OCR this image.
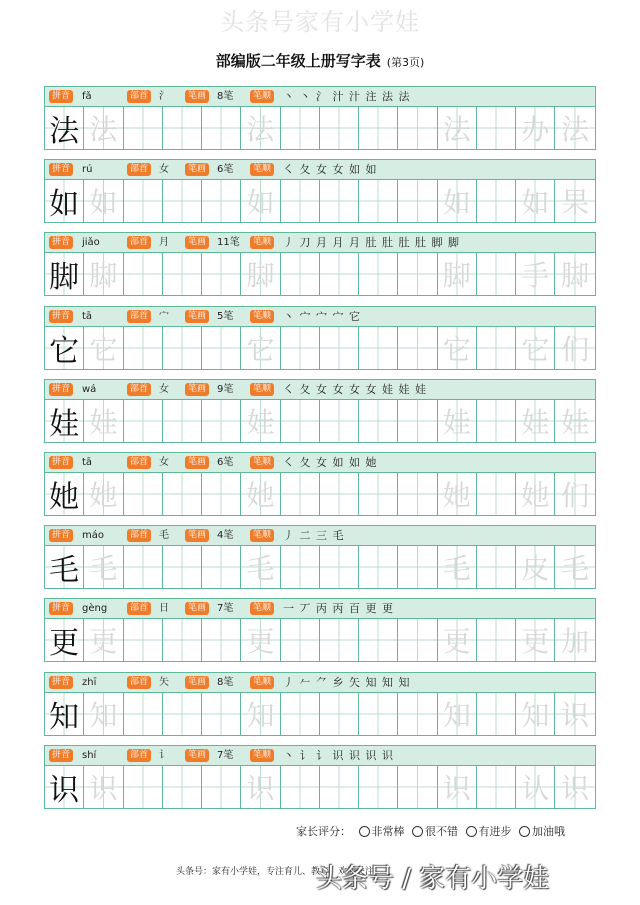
头条号家有小学娃
部编版二年级上册写字表 (第3页)
拼音	fǎ	部首	氵	笔画	8笔	笔顺 丶 丶 氵 汁 汁 注 法 法
法 法	法	法 办 法
拼音	rú	部首	女	笔画	6笔	笔顺 ㇛ 夂 女 女 如 如
如 如	如	如 如 果
拼音	jiǎo	部首	月	笔画	11笔	笔顺 丿 刀 月 月 月 肚 肚 肚 肚 脚 脚
脚 脚	脚	脚 手 脚
拼音	tā	部首	宀	笔画	5笔	笔顺 丶 宀 宀 宀 它
它 它	它	它 它 们
拼音	wá	部首	女	笔画	9笔	笔顺 ㇛ 夂 女 女 女 女 娃 娃 娃
娃 娃	娃	娃 娃 娃
拼音	tā	部首	女	笔画	6笔	笔顺 ㇛ 夂 女 如 如 她
她 她	她	她 她 们
拼音	máo	部首	毛	笔画	4笔	笔顺 丿 二 三 毛
毛 毛	毛	毛 皮 毛
拼音	gèng	部首	日	笔画	7笔	笔顺 一 丆 丙 丙 百 更 更
更 更	更	更 更 加
拼音	zhī	部首	矢	笔画	8笔	笔顺 丿 𠂉 ⺈ 乡 矢 知 知 知
知 知	知	知 知 识
拼音	shí	部首	讠	笔画	7笔	笔顺 丶 讠 讠 识 识 识 识
识 识	识	识 认 识
家长评分： 非常棒 很不错 有进步 加油哦
头条号：家有小学娃，专注育儿、教育，欢迎关注
头条号 / 家有小学娃
